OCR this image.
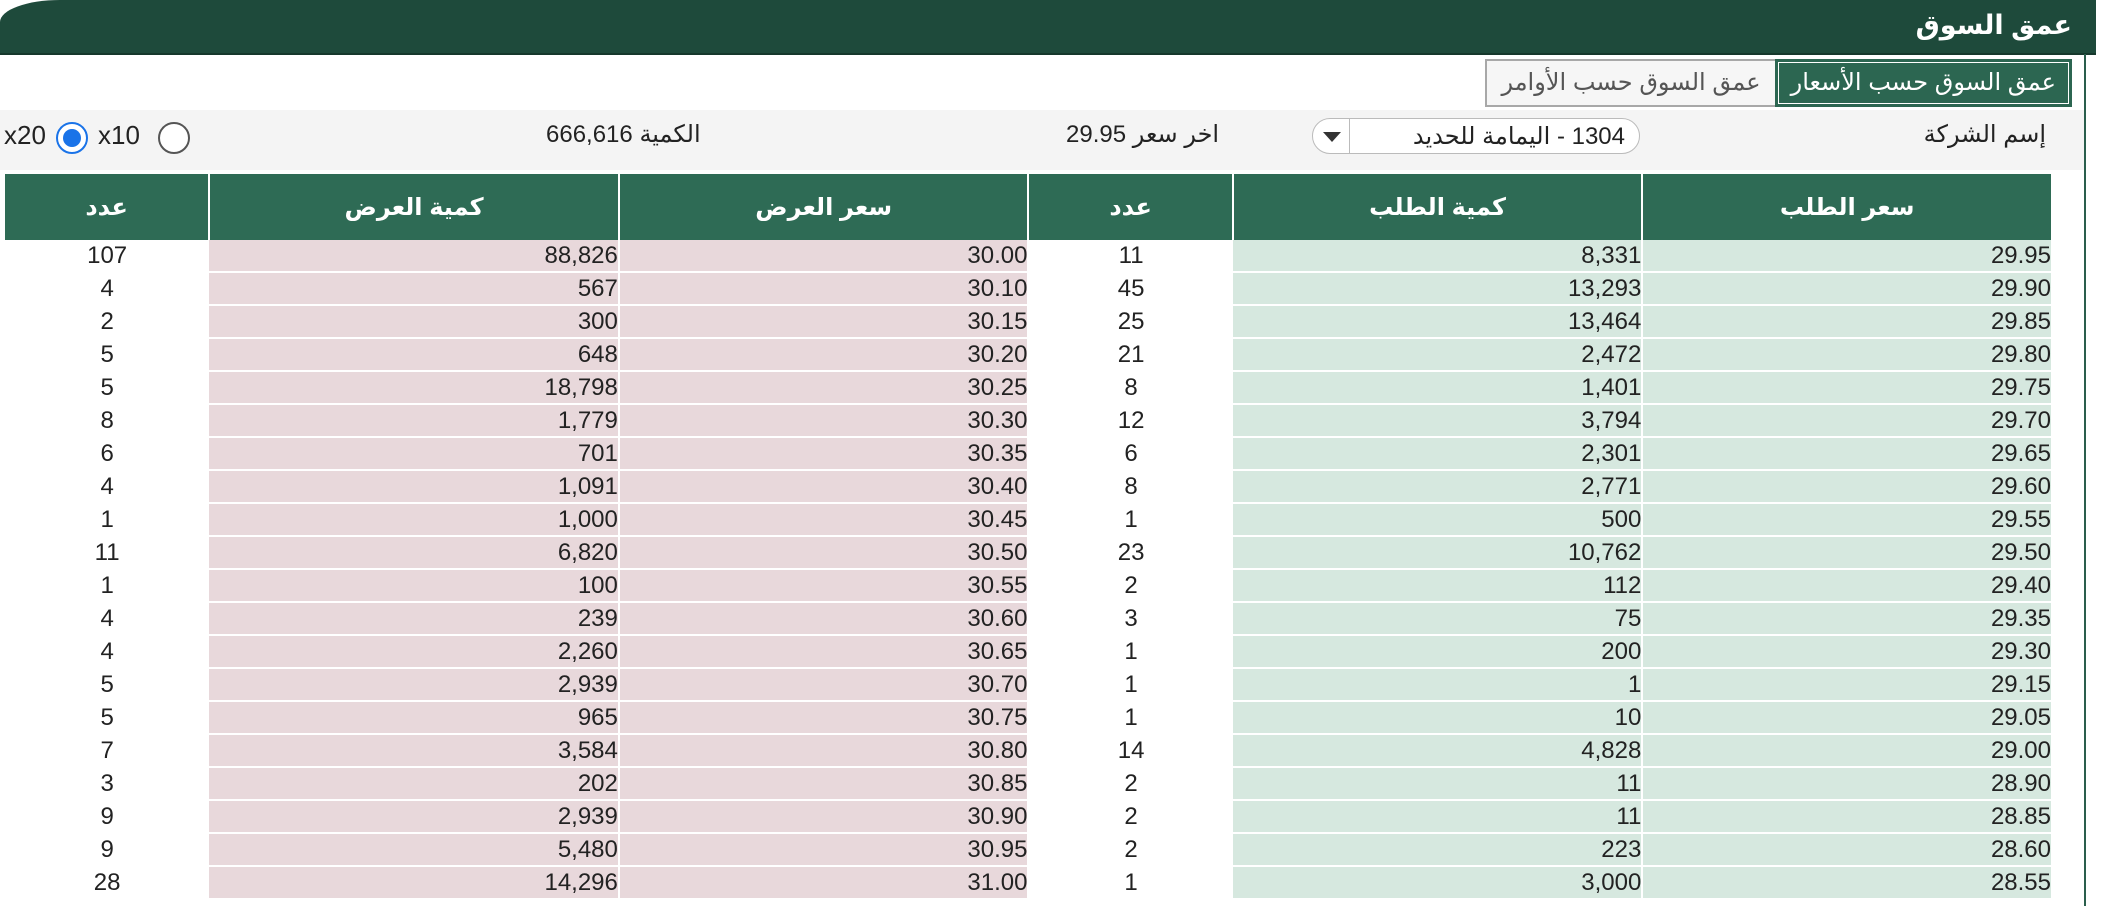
عمق السوق
عمق السوق حسب الأسعار
عمق السوق حسب الأوامر
إسم الشركة
اخر سعر 29.95
الكمية 666,616	1304 - اليمامة للحديد
x10
x20
عدد	كمية العرض	سعر العرض	عدد	كمية الطلب	سعر الطلب
107	88,826	30.00	11	8,331	29.95
4	567	30.10	45	13,293	29.90
2	300	30.15	25	13,464	29.85
5	648	30.20	21	2,472	29.80
5	18,798	30.25	8	1,401	29.75
8	1,779	30.30	12	3,794	29.70
6	701	30.35	6	2,301	29.65
4	1,091	30.40	8	2,771	29.60
1	1,000	30.45	1	500	29.55
11	6,820	30.50	23	10,762	29.50
1	100	30.55	2	112	29.40
4	239	30.60	3	75	29.35
4	2,260	30.65	1	200	29.30
5	2,939	30.70	1	1	29.15
5	965	30.75	1	10	29.05
7	3,584	30.80	14	4,828	29.00
3	202	30.85	2	11	28.90
9	2,939	30.90	2	11	28.85
9	5,480	30.95	2	223	28.60
28	14,296	31.00	1	3,000	28.55
